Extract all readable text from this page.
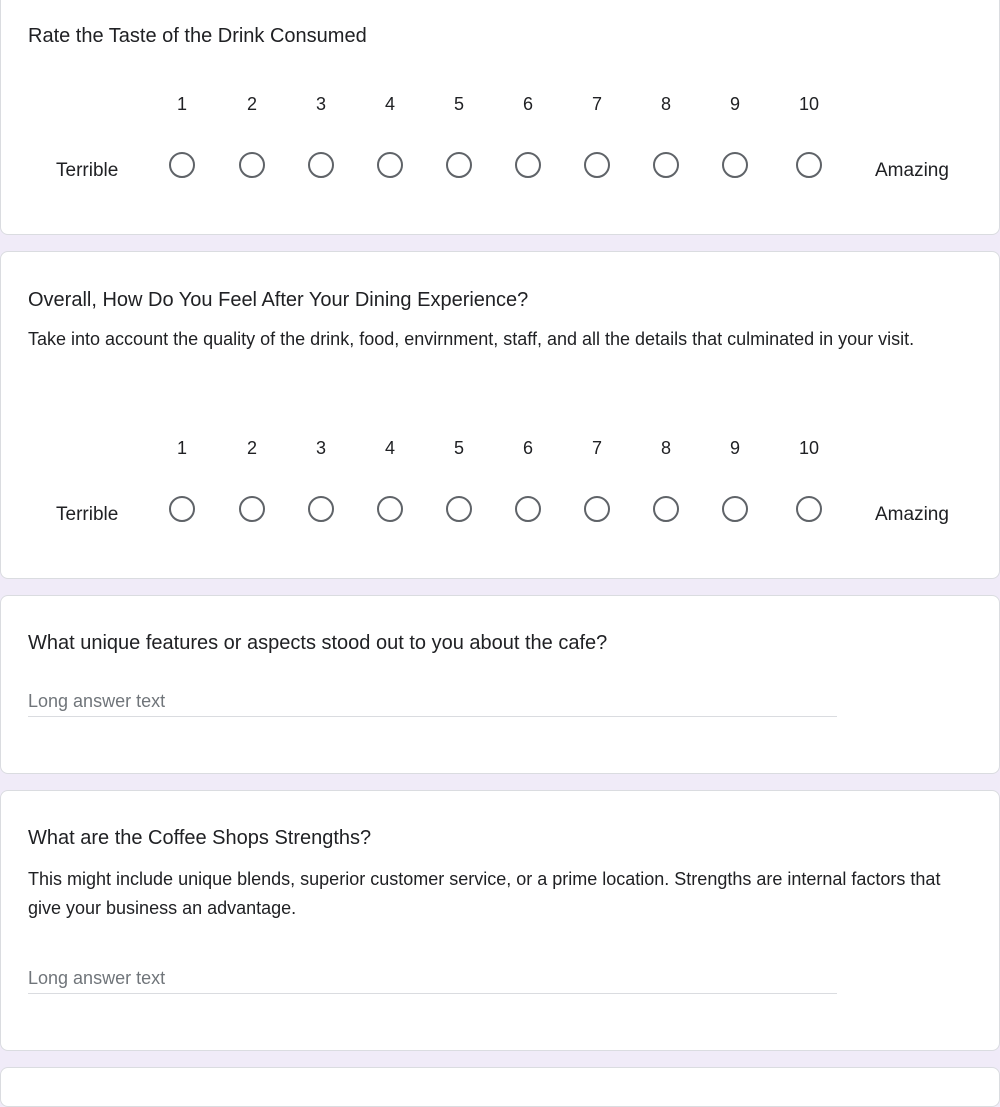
Rate the Taste of the Drink Consumed
Terrible	Amazing
1	2	3	4	5	6	7	8	9	10
Overall, How Do You Feel After Your Dining Experience?
Take into account the quality of the drink, food, envirnment, staff, and all the details that culminated in your visit.
Terrible	Amazing
1	2	3	4	5	6	7	8	9	10
What unique features or aspects stood out to you about the cafe?
Long answer text
What are the Coffee Shops Strengths?
This might include unique blends, superior customer service, or a prime location. Strengths are internal factors that give your business an advantage.
Long answer text
